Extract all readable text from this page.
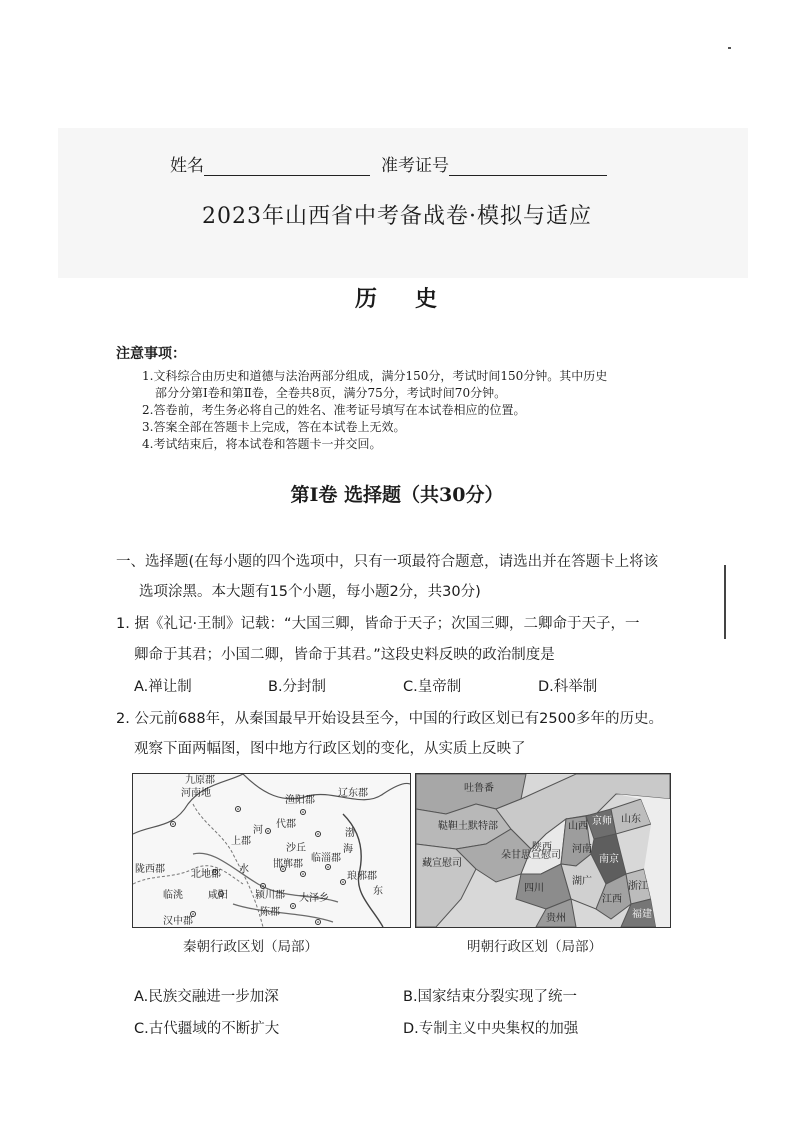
姓名	准考证号
2023年山西省中考备战卷·模拟与适应
历史
注意事项：
1.文科综合由历史和道德与法治两部分组成，满分150分，考试时间150分钟。其中历史
部分分第Ⅰ卷和第Ⅱ卷，全卷共8页，满分75分，考试时间70分钟。
2.答卷前，考生务必将自己的姓名、准考证号填写在本试卷相应的位置。
3.答案全部在答题卡上完成，答在本试卷上无效。
4.考试结束后，将本试卷和答题卡一并交回。
第Ⅰ卷 选择题（共30分）
一、选择题(在每小题的四个选项中，只有一项最符合题意，请选出并在答题卡上将该
选项涂黑。本大题有15个小题，每小题2分，共30分)
1. 据《礼记·王制》记载：“大国三卿，皆命于天子；次国三卿，二卿命于天子，一
卿命于其君；小国二卿，皆命于其君。”这段史料反映的政治制度是
A.禅让制	B.分封制	C.皇帝制	D.科举制
2. 公元前688年，从秦国最早开始设县至今，中国的行政区划已有2500多年的历史。
观察下面两幅图，图中地方行政区划的变化，从实质上反映了
九原郡
河南地
渔阳郡
辽东郡
上郡
代郡
河
邯郸郡
陇西郡	北地郡
咸阳
水
临洮
沙丘
临淄郡
琅邪郡
颍川郡
陈郡
大泽乡
汉中郡
渤
海
东
秦朝行政区划（局部）
吐鲁番
鞑靼土默特部
朵甘思宣慰司
藏宣慰司
陕西
山西 京师 山东
河南
南京
四川
湖广
贵州
江西
浙江
福建
明朝行政区划（局部）
A.民族交融进一步加深	B.国家结束分裂实现了统一
C.古代疆域的不断扩大	D.专制主义中央集权的加强
